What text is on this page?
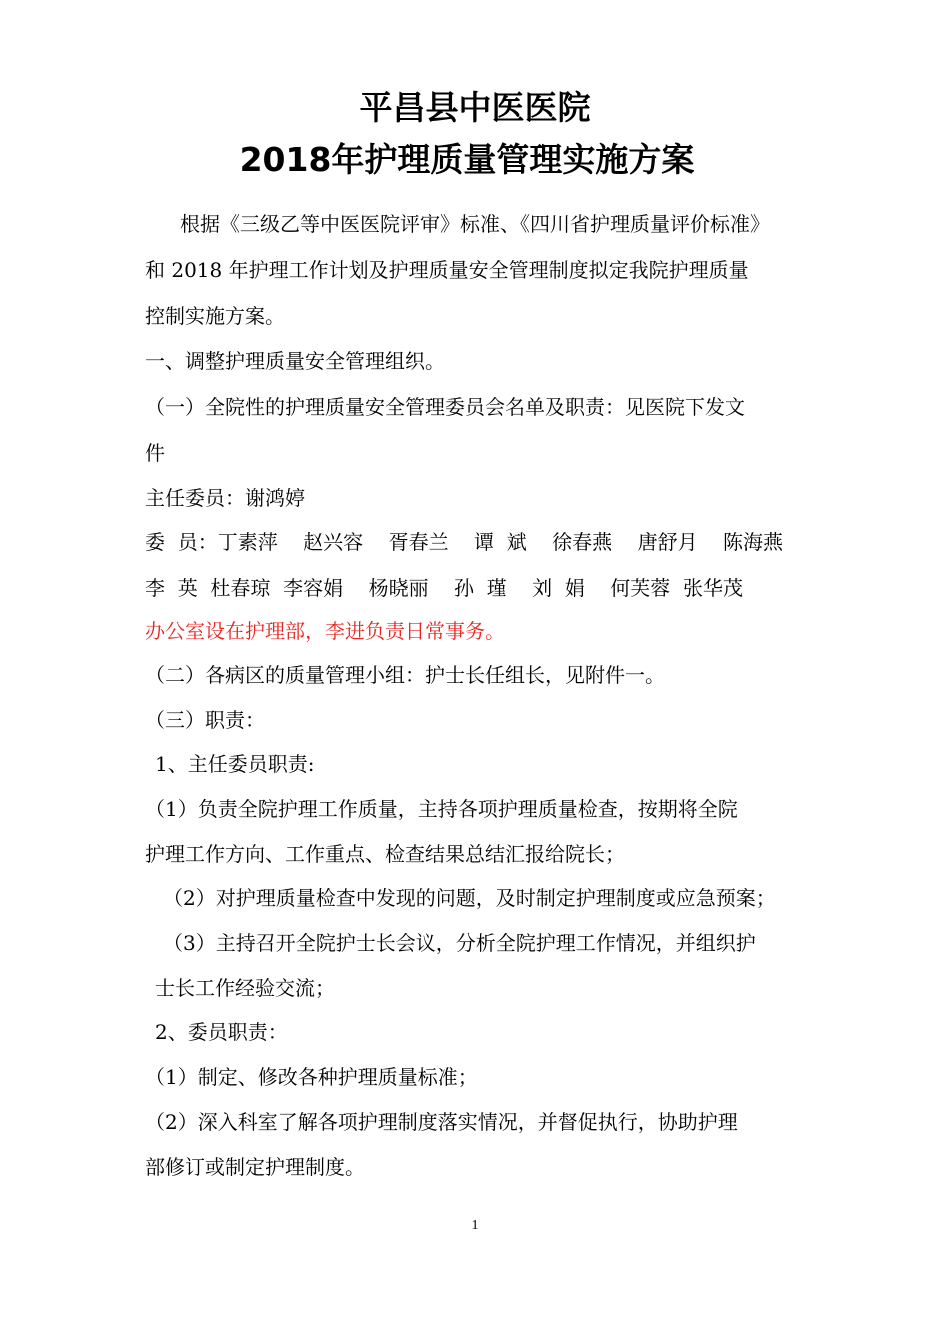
平昌县中医医院
2018年护理质量管理实施方案
根据《三级乙等中医医院评审》标准、《四川省护理质量评价标准》
和 2018 年护理工作计划及护理质量安全管理制度拟定我院护理质量
控制实施方案。
一、调整护理质量安全管理组织。
（一）全院性的护理质量安全管理委员会名单及职责：见医院下发文
件
主任委员：谢鸿婷
委  员：丁素萍    赵兴容    胥春兰    谭  斌    徐春燕    唐舒月    陈海燕
李  英  杜春琼  李容娟    杨晓丽    孙  瑾    刘  娟    何芙蓉  张华茂
办公室设在护理部，李进负责日常事务。
（二）各病区的质量管理小组：护士长任组长，见附件一。
（三）职责：
1、主任委员职责:
（1）负责全院护理工作质量，主持各项护理质量检查，按期将全院
护理工作方向、工作重点、检查结果总结汇报给院长；
（2）对护理质量检查中发现的问题，及时制定护理制度或应急预案；
（3）主持召开全院护士长会议，分析全院护理工作情况，并组织护
士长工作经验交流；
2、委员职责：
（1）制定、修改各种护理质量标准；
（2）深入科室了解各项护理制度落实情况，并督促执行，协助护理
部修订或制定护理制度。
1
